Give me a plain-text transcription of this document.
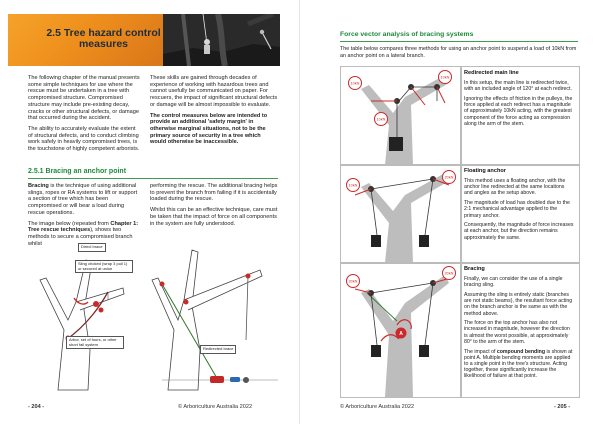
2.5 Tree hazard control measures

The following chapter of the manual presents some simple techniques for use where the rescue must be undertaken in a tree with compromised structure. Compromised structure may include pre-existing decay, cracks or other structural defects, or damage that occurred during the accident.

The ability to accurately evaluate the extent of structural defects, and to conduct climbing work safely in heavily compromised trees, is the touchstone of highly competent arborists.

These skills are gained through decades of experience of working with hazardous trees and cannot usefully be communicated on paper. For rescuers, the impact of significant structural defects or damage will be almost impossible to evaluate.

The control measures below are intended to provide an additional 'safety margin' in otherwise marginal situations, not to be the primary source of security in a tree which would otherwise be inaccessible.

2.5.1 Bracing an anchor point

Bracing is the technique of using additional slings, ropes or RA systems to lift or support a section of tree which has been compromised or will bear a load during rescue operations.

The image below (repeated from Chapter 1: Tree rescue techniques), shows two methods to secure a compromised branch whilst

performing the rescue. The additional bracing helps to prevent the branch from failing if it is accidentally loaded during the rescue.

Whilst this can be an effective technique, care must be taken that the impact of force on all components in the system are fully understood.

Direct brace
Sling choked (wrap 3 pull 1) or secured at union
Arbor, set of fours, or other short fall system
Redirected brace
- 204 -	© Arboriculture Australia 2022
Force vector analysis of bracing systems
The table below compares three methods for using an anchor point to suspend a load of 10kN from an anchor point on a lateral branch.
10kN
10kN
10kN
Redirected main line

In this setup, the main line is redirected twice, with an included angle of 120° at each redirect.

Ignoring the effects of friction in the pulleys, the force applied at each redirect has a magnitude of approximately 10kN acting, with the greatest component of the force acting as compression along the arm of the stem.

10kN
20kN
Floating anchor

This method uses a floating anchor, with the anchor line redirected at the same locations and angles as the setup above.

The magnitude of load has doubled due to the 2:1 mechanical advantage applied to the primary anchor.

Consequently, the magnitude of force increases at each anchor, but the direction remains approximately the same.

20kN
20kN
A
Bracing

Finally, we can consider the use of a single bracing sling.

Assuming the sling is entirely static (branches are not static beams), the resultant force acting on the branch anchor is the same as with the method above.

The force on the top anchor has also not increased in magnitude, however the direction is almost the worst possible, at approximately 80° to the arm of the stem.

The impact of compound bending is shown at point A. Multiple bending moments are applied to a single point in the tree's structure. Acting together, these significantly increase the likelihood of failure at that point.

© Arboriculture Australia 2022	- 205 -
